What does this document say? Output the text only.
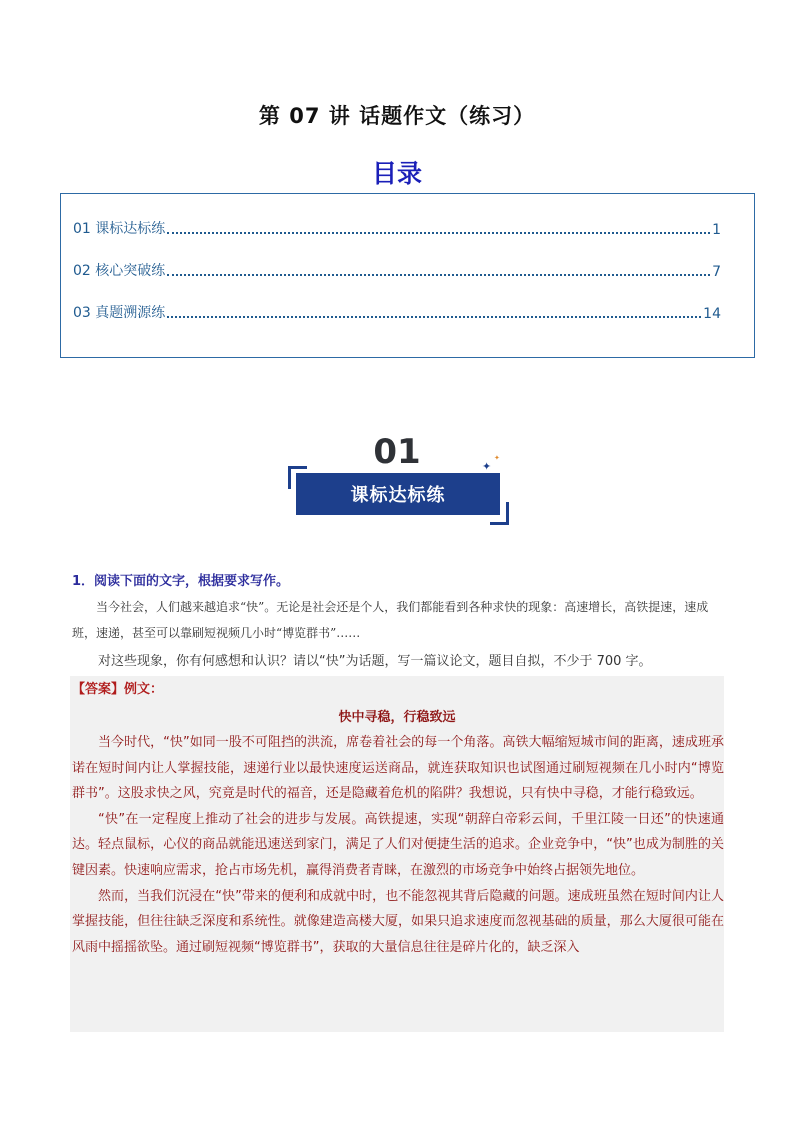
第 07 讲 话题作文（练习）
目录
01 课标达标练	1
02 核心突破练	7
03 真题溯源练	14
01
课标达标练
✦
✦
1．阅读下面的文字，根据要求写作。
当今社会，人们越来越追求“快”。无论是社会还是个人，我们都能看到各种求快的现象：高速增长，高铁提速，速成班，速递，甚至可以靠刷短视频几小时“博览群书”……
对这些现象，你有何感想和认识？请以“快”为话题，写一篇议论文，题目自拟，不少于 700 字。
【答案】例文：
快中寻稳，行稳致远

当今时代，“快”如同一股不可阻挡的洪流，席卷着社会的每一个角落。高铁大幅缩短城市间的距离，速成班承诺在短时间内让人掌握技能，速递行业以最快速度运送商品，就连获取知识也试图通过刷短视频在几小时内“博览群书”。这股求快之风，究竟是时代的福音，还是隐藏着危机的陷阱？我想说，只有快中寻稳，才能行稳致远。

“快”在一定程度上推动了社会的进步与发展。高铁提速，实现“朝辞白帝彩云间，千里江陵一日还”的快速通达。轻点鼠标，心仪的商品就能迅速送到家门，满足了人们对便捷生活的追求。企业竞争中，“快”也成为制胜的关键因素。快速响应需求，抢占市场先机，赢得消费者青睐，在激烈的市场竞争中始终占据领先地位。

然而，当我们沉浸在“快”带来的便利和成就中时，也不能忽视其背后隐藏的问题。速成班虽然在短时间内让人掌握技能，但往往缺乏深度和系统性。就像建造高楼大厦，如果只追求速度而忽视基础的质量，那么大厦很可能在风雨中摇摇欲坠。通过刷短视频“博览群书”，获取的大量信息往往是碎片化的，缺乏深入
